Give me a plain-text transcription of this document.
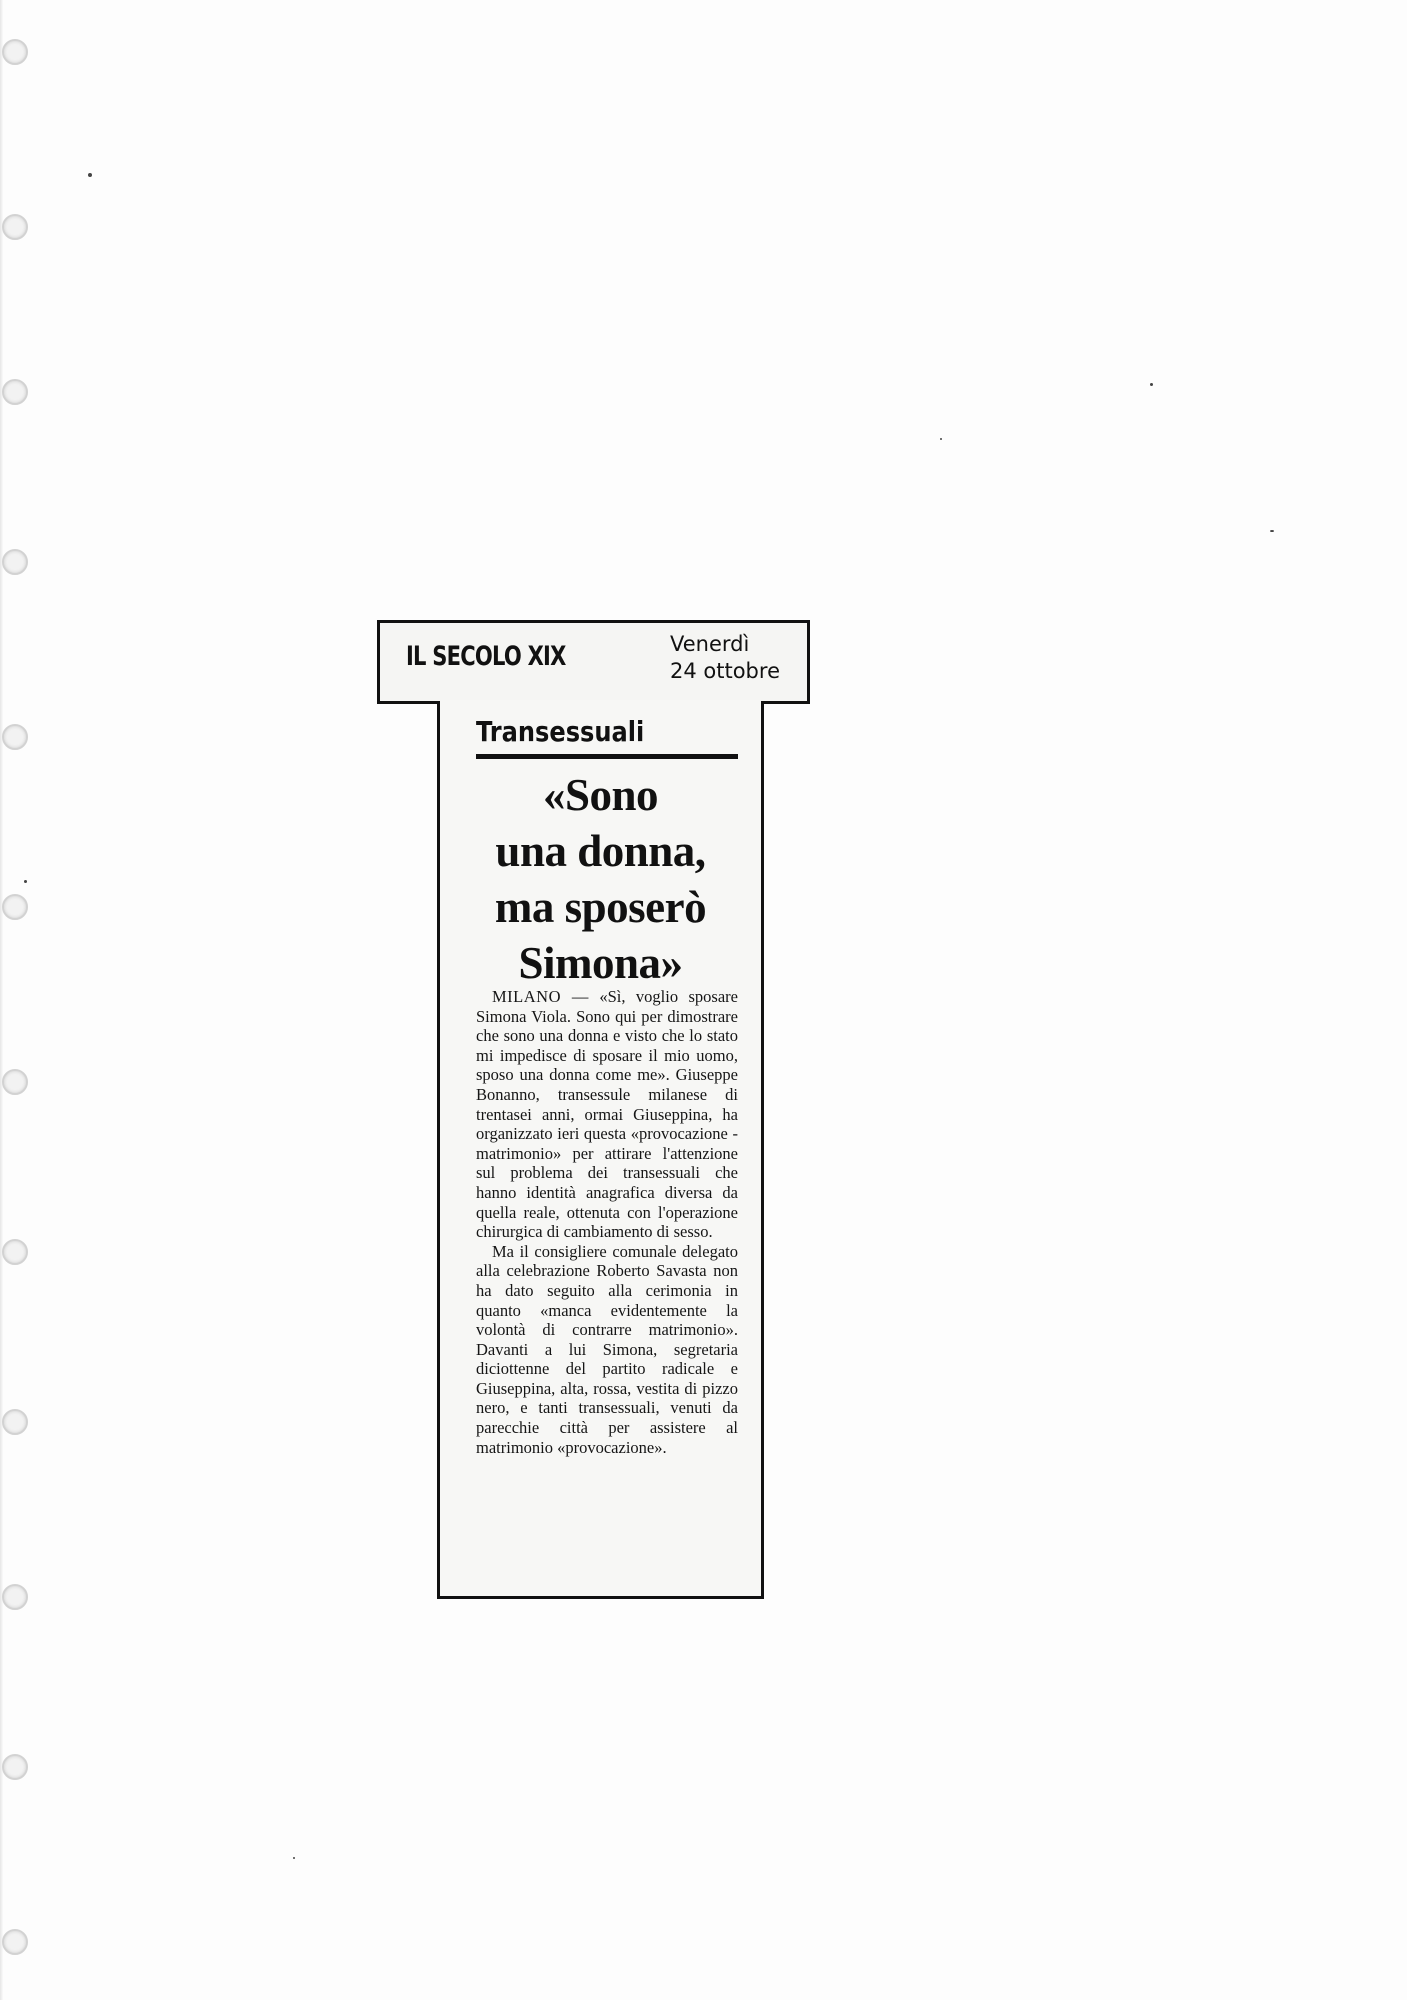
IL SECOLO XIX	Venerdì
24 ottobre
Transessuali
«Sono
una donna,
ma sposerò
Simona»

MILANO — «Sì, voglio sposare Simona Viola. Sono qui per dimostrare che sono una donna e visto che lo stato mi impedisce di sposare il mio uomo, sposo una donna come me». Giuseppe Bonanno, transessule milanese di trentasei anni, ormai Giuseppina, ha organizzato ieri questa «provocazione - matrimonio» per attirare l'attenzione sul problema dei transessuali che hanno identità anagrafica diversa da quella reale, ottenuta con l'operazione chirurgica di cambiamento di sesso.

Ma il consigliere comunale delegato alla celebrazione Roberto Savasta non ha dato seguito alla cerimonia in quanto «manca evidentemente la volontà di contrarre matrimonio». Davanti a lui Simona, segretaria diciottenne del partito radicale e Giuseppina, alta, rossa, vestita di pizzo nero, e tanti transessuali, venuti da parecchie città per assistere al matrimonio «provocazione».
